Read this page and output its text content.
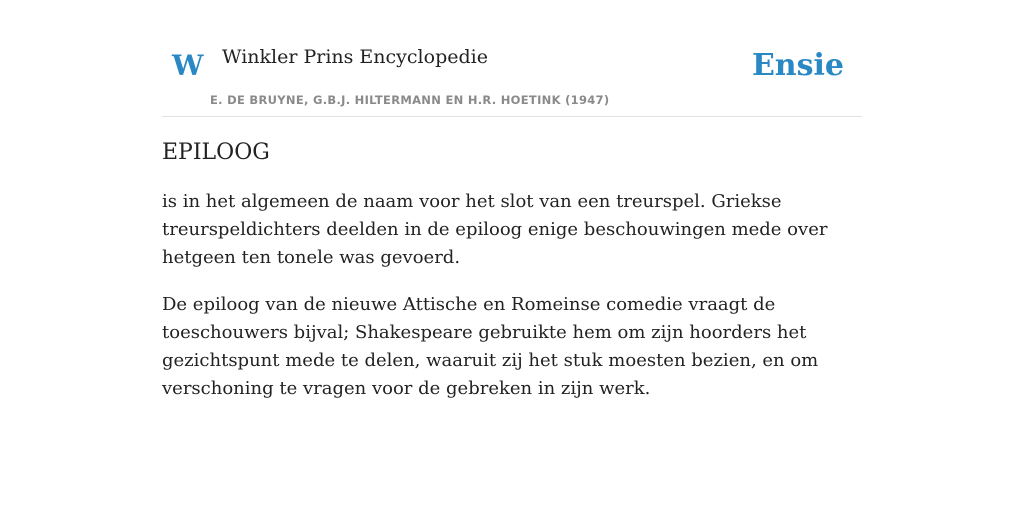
W Winkler Prins Encyclopedie
E. DE BRUYNE, G.B.J. HILTERMANN EN H.R. HOETINK (1947)
Ensie
EPILOOG

is in het algemeen de naam voor het slot van een treurspel. Griekse treurspeldichters deelden in de epiloog enige beschouwingen mede over hetgeen ten tonele was gevoerd.

De epiloog van de nieuwe Attische en Romeinse comedie vraagt de toeschouwers bijval; Shakespeare gebruikte hem om zijn hoorders het gezichtspunt mede te delen, waaruit zij het stuk moesten bezien, en om verschoning te vragen voor de gebreken in zijn werk.
